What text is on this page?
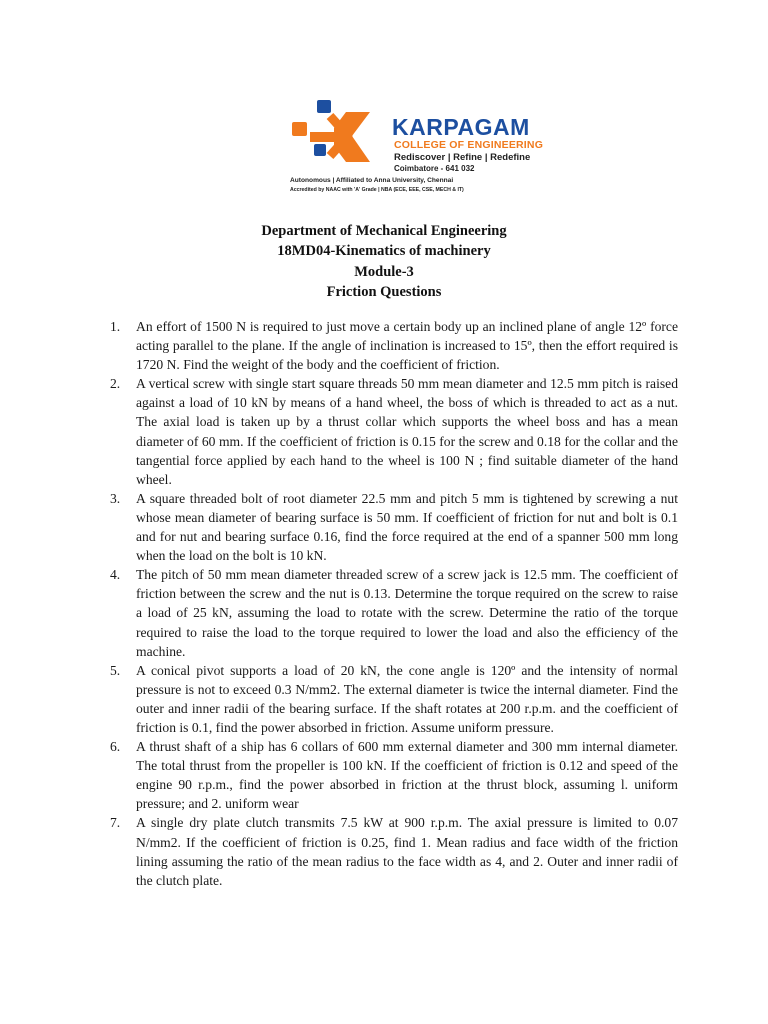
KARPAGAM
COLLEGE OF ENGINEERING
Rediscover | Refine | Redefine
Coimbatore - 641 032
Autonomous | Affiliated to Anna University, Chennai
Accredited by NAAC with 'A' Grade | NBA (ECE, EEE, CSE, MECH & IT)
Department of Mechanical Engineering
18MD04-Kinematics of machinery
Module-3
Friction Questions
1. An effort of 1500 N is required to just move a certain body up an inclined plane of angle 12º force acting parallel to the plane. If the angle of inclination is increased to 15º, then the effort required is 1720 N. Find the weight of the body and the coefficient of friction.
2. A vertical screw with single start square threads 50 mm mean diameter and 12.5 mm pitch is raised against a load of 10 kN by means of a hand wheel, the boss of which is threaded to act as a nut. The axial load is taken up by a thrust collar which supports the wheel boss and has a mean diameter of 60 mm. If the coefficient of friction is 0.15 for the screw and 0.18 for the collar and the tangential force applied by each hand to the wheel is 100 N ; find suitable diameter of the hand wheel.
3. A square threaded bolt of root diameter 22.5 mm and pitch 5 mm is tightened by screwing a nut whose mean diameter of bearing surface is 50 mm. If coefficient of friction for nut and bolt is 0.1 and for nut and bearing surface 0.16, find the force required at the end of a spanner 500 mm long when the load on the bolt is 10 kN.
4. The pitch of 50 mm mean diameter threaded screw of a screw jack is 12.5 mm. The coefficient of friction between the screw and the nut is 0.13. Determine the torque required on the screw to raise a load of 25 kN, assuming the load to rotate with the screw. Determine the ratio of the torque required to raise the load to the torque required to lower the load and also the efficiency of the machine.
5. A conical pivot supports a load of 20 kN, the cone angle is 120º and the intensity of normal pressure is not to exceed 0.3 N/mm2. The external diameter is twice the internal diameter. Find the outer and inner radii of the bearing surface. If the shaft rotates at 200 r.p.m. and the coefficient of friction is 0.1, find the power absorbed in friction. Assume uniform pressure.
6. A thrust shaft of a ship has 6 collars of 600 mm external diameter and 300 mm internal diameter. The total thrust from the propeller is 100 kN. If the coefficient of friction is 0.12 and speed of the engine 90 r.p.m., find the power absorbed in friction at the thrust block, assuming l. uniform pressure; and 2. uniform wear
7. A single dry plate clutch transmits 7.5 kW at 900 r.p.m. The axial pressure is limited to 0.07 N/mm2. If the coefficient of friction is 0.25, find 1. Mean radius and face width of the friction lining assuming the ratio of the mean radius to the face width as 4, and 2. Outer and inner radii of the clutch plate.
